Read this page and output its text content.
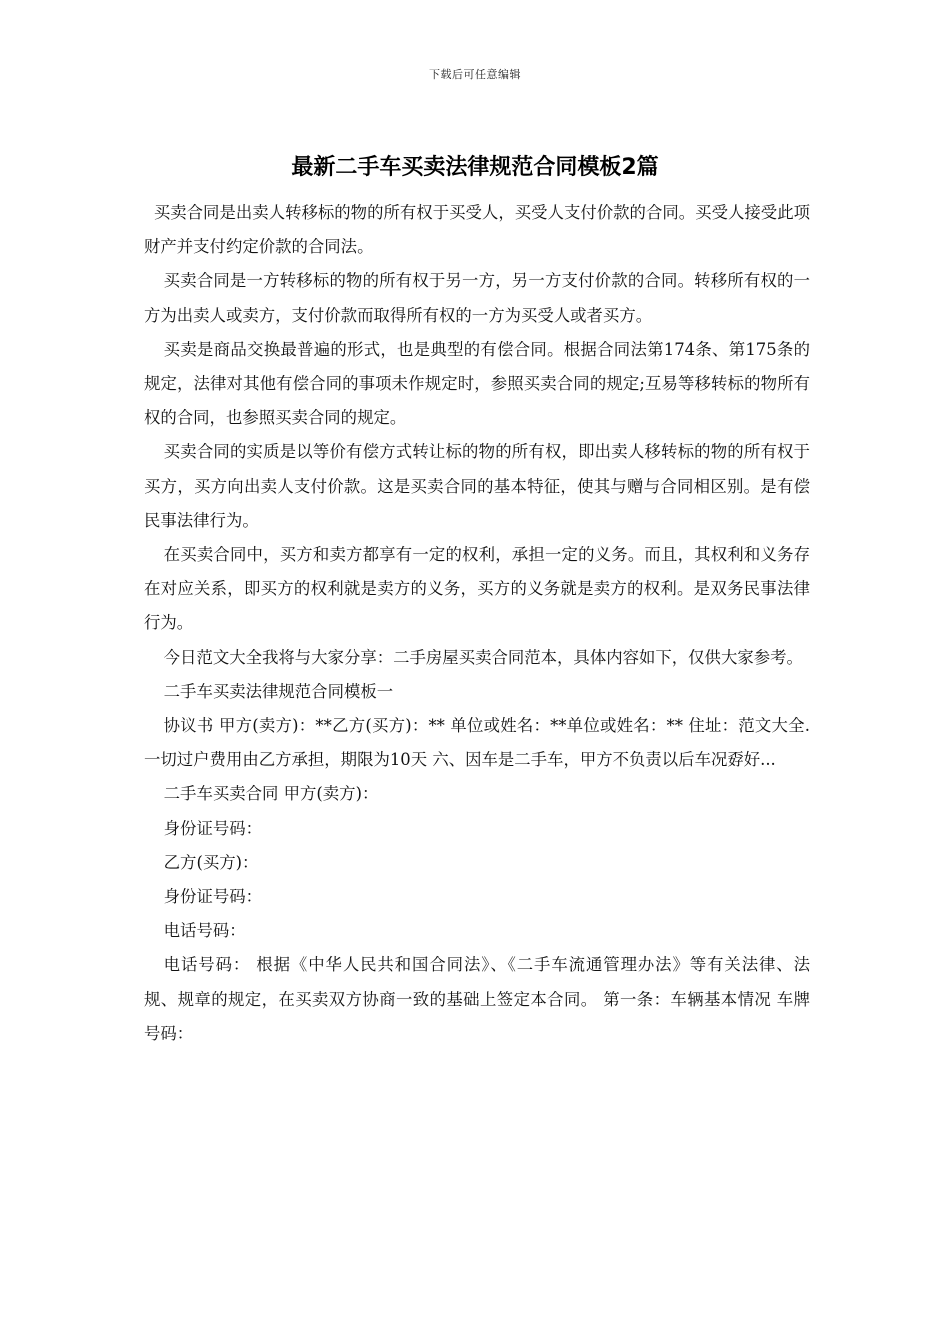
下载后可任意编辑
最新二手车买卖法律规范合同模板2篇

买卖合同是出卖人转移标的物的所有权于买受人，买受人支付价款的合同。买受人接受此项财产并支付约定价款的合同法。

买卖合同是一方转移标的物的所有权于另一方，另一方支付价款的合同。转移所有权的一方为出卖人或卖方，支付价款而取得所有权的一方为买受人或者买方。

买卖是商品交换最普遍的形式，也是典型的有偿合同。根据合同法第174条、第175条的规定，法律对其他有偿合同的事项未作规定时，参照买卖合同的规定;互易等移转标的物所有权的合同，也参照买卖合同的规定。

买卖合同的实质是以等价有偿方式转让标的物的所有权，即出卖人移转标的物的所有权于买方，买方向出卖人支付价款。这是买卖合同的基本特征，使其与赠与合同相区别。是有偿民事法律行为。

在买卖合同中，买方和卖方都享有一定的权利，承担一定的义务。而且，其权利和义务存在对应关系，即买方的权利就是卖方的义务，买方的义务就是卖方的权利。是双务民事法律行为。

今日范文大全我将与大家分享：二手房屋买卖合同范本，具体内容如下，仅供大家参考。

二手车买卖法律规范合同模板一

协议书 甲方(卖方)：**乙方(买方)：** 单位或姓名：**单位或姓名：** 住址：范文大全. 一切过户费用由乙方承担，期限为10天 六、因车是二手车，甲方不负责以后车况孬好...

二手车买卖合同 甲方(卖方)：

身份证号码：

乙方(买方)：

身份证号码：

电话号码：

电话号码： 根据《中华人民共和国合同法》、《二手车流通管理办法》等有关法律、法 规、规章的规定，在买卖双方协商一致的基础上签定本合同。 第一条：车辆基本情况 车牌号码：
